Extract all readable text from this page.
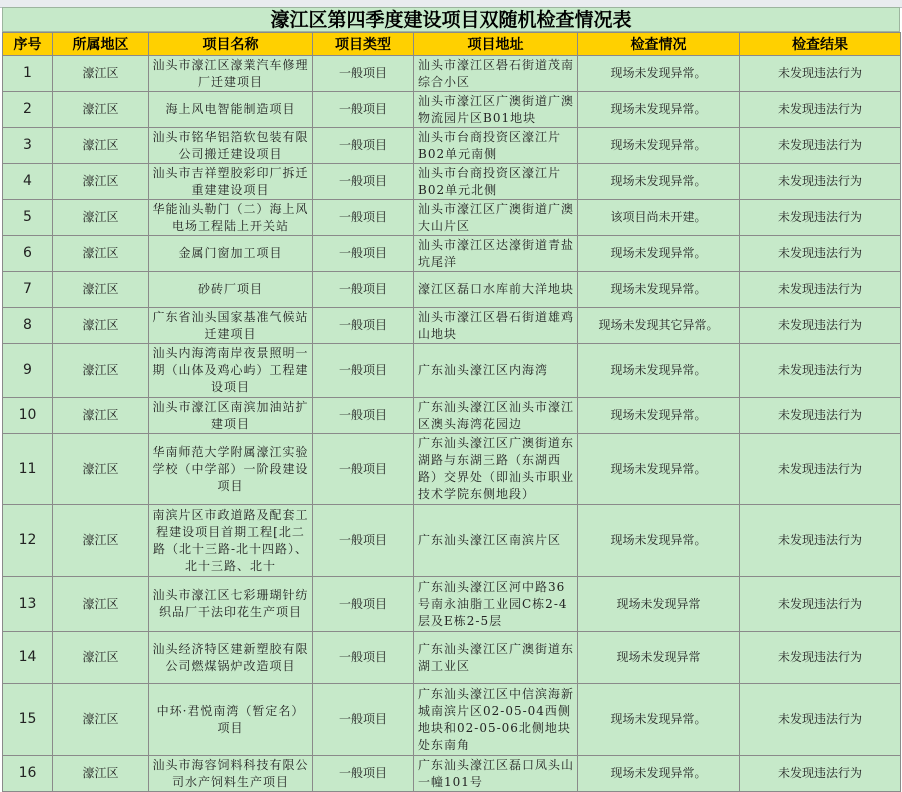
濠江区第四季度建设项目双随机检查情况表
序号	所属地区	项目名称	项目类型	项目地址	检查情况	检查结果
1	濠江区	汕头市濠江区濠業汽车修理厂迁建项目	一般项目	汕头市濠江区礐石街道茂南综合小区	现场未发现异常。	未发现违法行为
2	濠江区	海上风电智能制造项目	一般项目	汕头市濠江区广澳街道广澳物流园片区B01地块	现场未发现异常。	未发现违法行为
3	濠江区	汕头市铭华铝箔软包装有限公司搬迁建设项目	一般项目	汕头市台商投资区濠江片B02单元南侧	现场未发现异常。	未发现违法行为
4	濠江区	汕头市吉祥塑胶彩印厂拆迁重建建设项目	一般项目	汕头市台商投资区濠江片B02单元北侧	现场未发现异常。	未发现违法行为
5	濠江区	华能汕头勒门（二）海上风电场工程陆上开关站	一般项目	汕头市濠江区广澳街道广澳大山片区	该项目尚未开建。	未发现违法行为
6	濠江区	金属门窗加工项目	一般项目	汕头市濠江区达濠街道青盐坑尾洋	现场未发现异常。	未发现违法行为
7	濠江区	砂砖厂项目	一般项目	濠江区磊口水库前大洋地块	现场未发现异常。	未发现违法行为
8	濠江区	广东省汕头国家基准气候站迁建项目	一般项目	汕头市濠江区礐石街道雄鸡山地块	现场未发现其它异常。	未发现违法行为
9	濠江区	汕头内海湾南岸夜景照明一期（山体及鸡心屿）工程建设项目	一般项目	广东汕头濠江区内海湾	现场未发现异常。	未发现违法行为
10	濠江区	汕头市濠江区南滨加油站扩建项目	一般项目	广东汕头濠江区汕头市濠江区澳头海湾花园边	现场未发现异常。	未发现违法行为
11	濠江区	华南师范大学附属濠江实验学校（中学部）一阶段建设项目	一般项目	广东汕头濠江区广澳街道东湖路与东湖三路（东湖西路）交界处（即汕头市职业技术学院东侧地段）	现场未发现异常。	未发现违法行为
12	濠江区	南滨片区市政道路及配套工程建设项目首期工程[北二路（北十三路-北十四路）、北十三路、北十	一般项目	广东汕头濠江区南滨片区	现场未发现异常。	未发现违法行为
13	濠江区	汕头市濠江区七彩珊瑚针纺织品厂干法印花生产项目	一般项目	广东汕头濠江区河中路36号南永油脂工业园C栋2-4层及E栋2-5层	现场未发现异常	未发现违法行为
14	濠江区	汕头经济特区建新塑胶有限公司燃煤锅炉改造项目	一般项目	广东汕头濠江区广澳街道东湖工业区	现场未发现异常	未发现违法行为
15	濠江区	中环·君悦南湾（暂定名）项目	一般项目	广东汕头濠江区中信滨海新城南滨片区02-05-04西侧地块和02-05-06北侧地块处东南角	现场未发现异常。	未发现违法行为
16	濠江区	汕头市海容饲料科技有限公司水产饲料生产项目	一般项目	广东汕头濠江区磊口凤头山一幢101号	现场未发现异常。	未发现违法行为
